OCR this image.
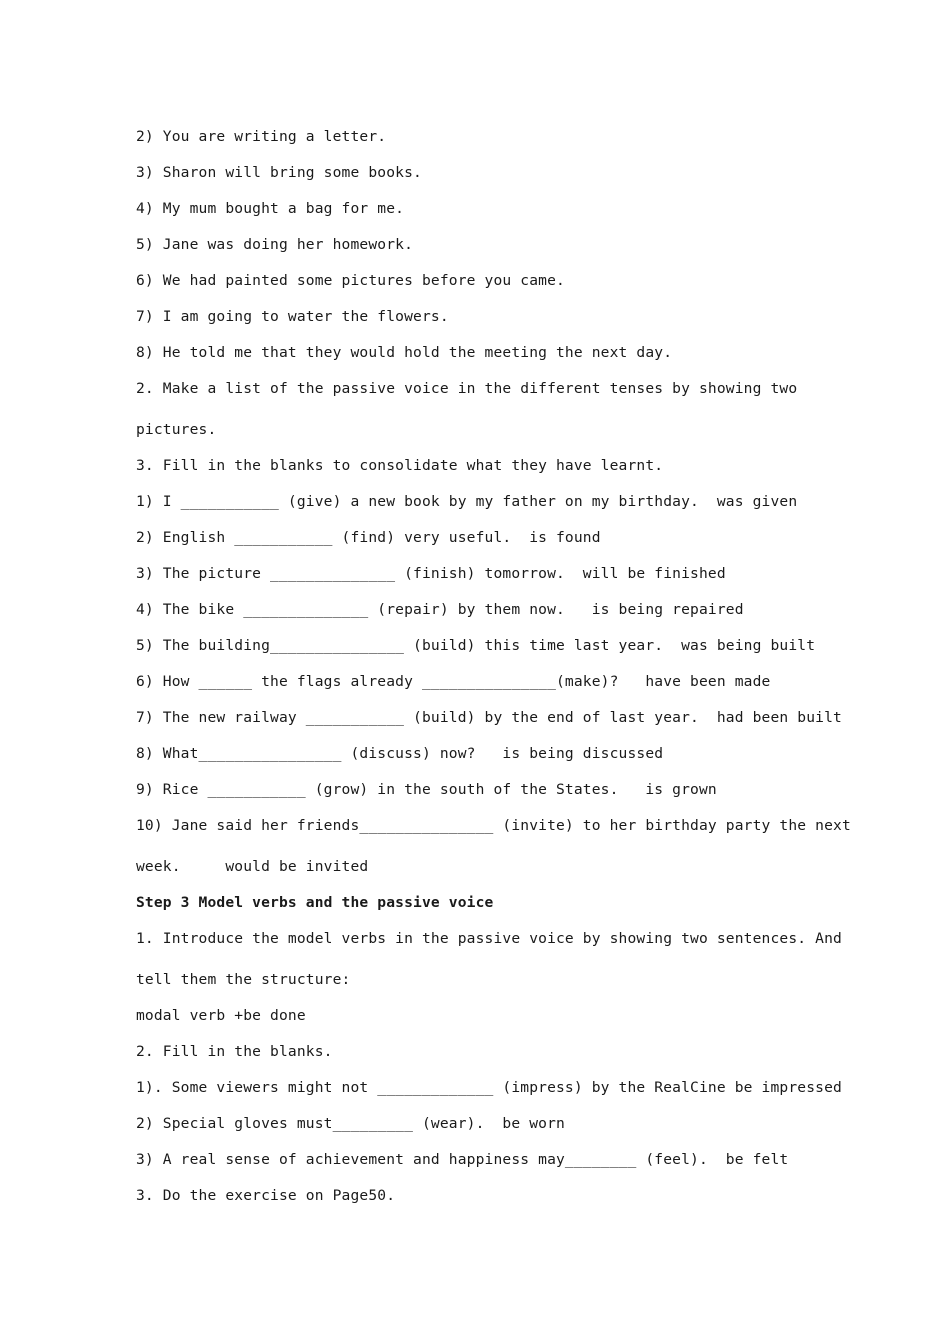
2) You are writing a letter.
3) Sharon will bring some books.
4) My mum bought a bag for me.
5) Jane was doing her homework.
6) We had painted some pictures before you came.
7) I am going to water the flowers.
8) He told me that they would hold the meeting the next day.
2. Make a list of the passive voice in the different tenses by showing two
pictures.
3. Fill in the blanks to consolidate what they have learnt.
1) I ___________ (give) a new book by my father on my birthday.  was given
2) English ___________ (find) very useful.  is found
3) The picture ______________ (finish) tomorrow.  will be finished
4) The bike ______________ (repair) by them now.   is being repaired
5) The building_______________ (build) this time last year.  was being built
6) How ______ the flags already _______________(make)?   have been made
7) The new railway ___________ (build) by the end of last year.  had been built
8) What________________ (discuss) now?   is being discussed
9) Rice ___________ (grow) in the south of the States.   is grown
10) Jane said her friends_______________ (invite) to her birthday party the next
week.     would be invited
Step 3 Model verbs and the passive voice
1. Introduce the model verbs in the passive voice by showing two sentences. And
tell them the structure:
modal verb +be done
2. Fill in the blanks.
1). Some viewers might not _____________ (impress) by the RealCine be impressed
2) Special gloves must_________ (wear).  be worn
3) A real sense of achievement and happiness may________ (feel).  be felt
3. Do the exercise on Page50.
